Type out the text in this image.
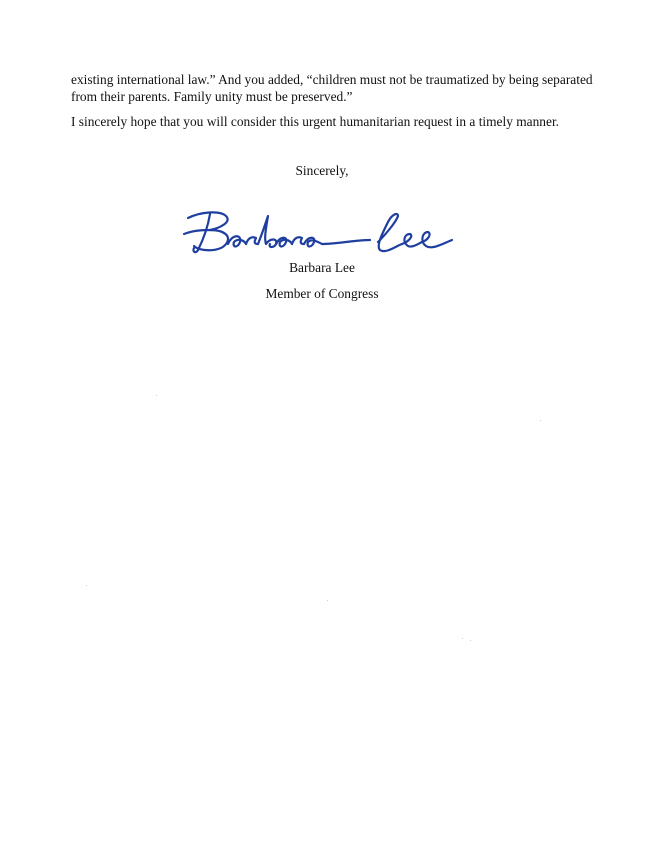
existing international law.” And you added, “children must not be traumatized by being separated
from their parents. Family unity must be preserved.”

I sincerely hope that you will consider this urgent humanitarian request in a timely manner.

Sincerely,
Barbara Lee
Member of Congress
